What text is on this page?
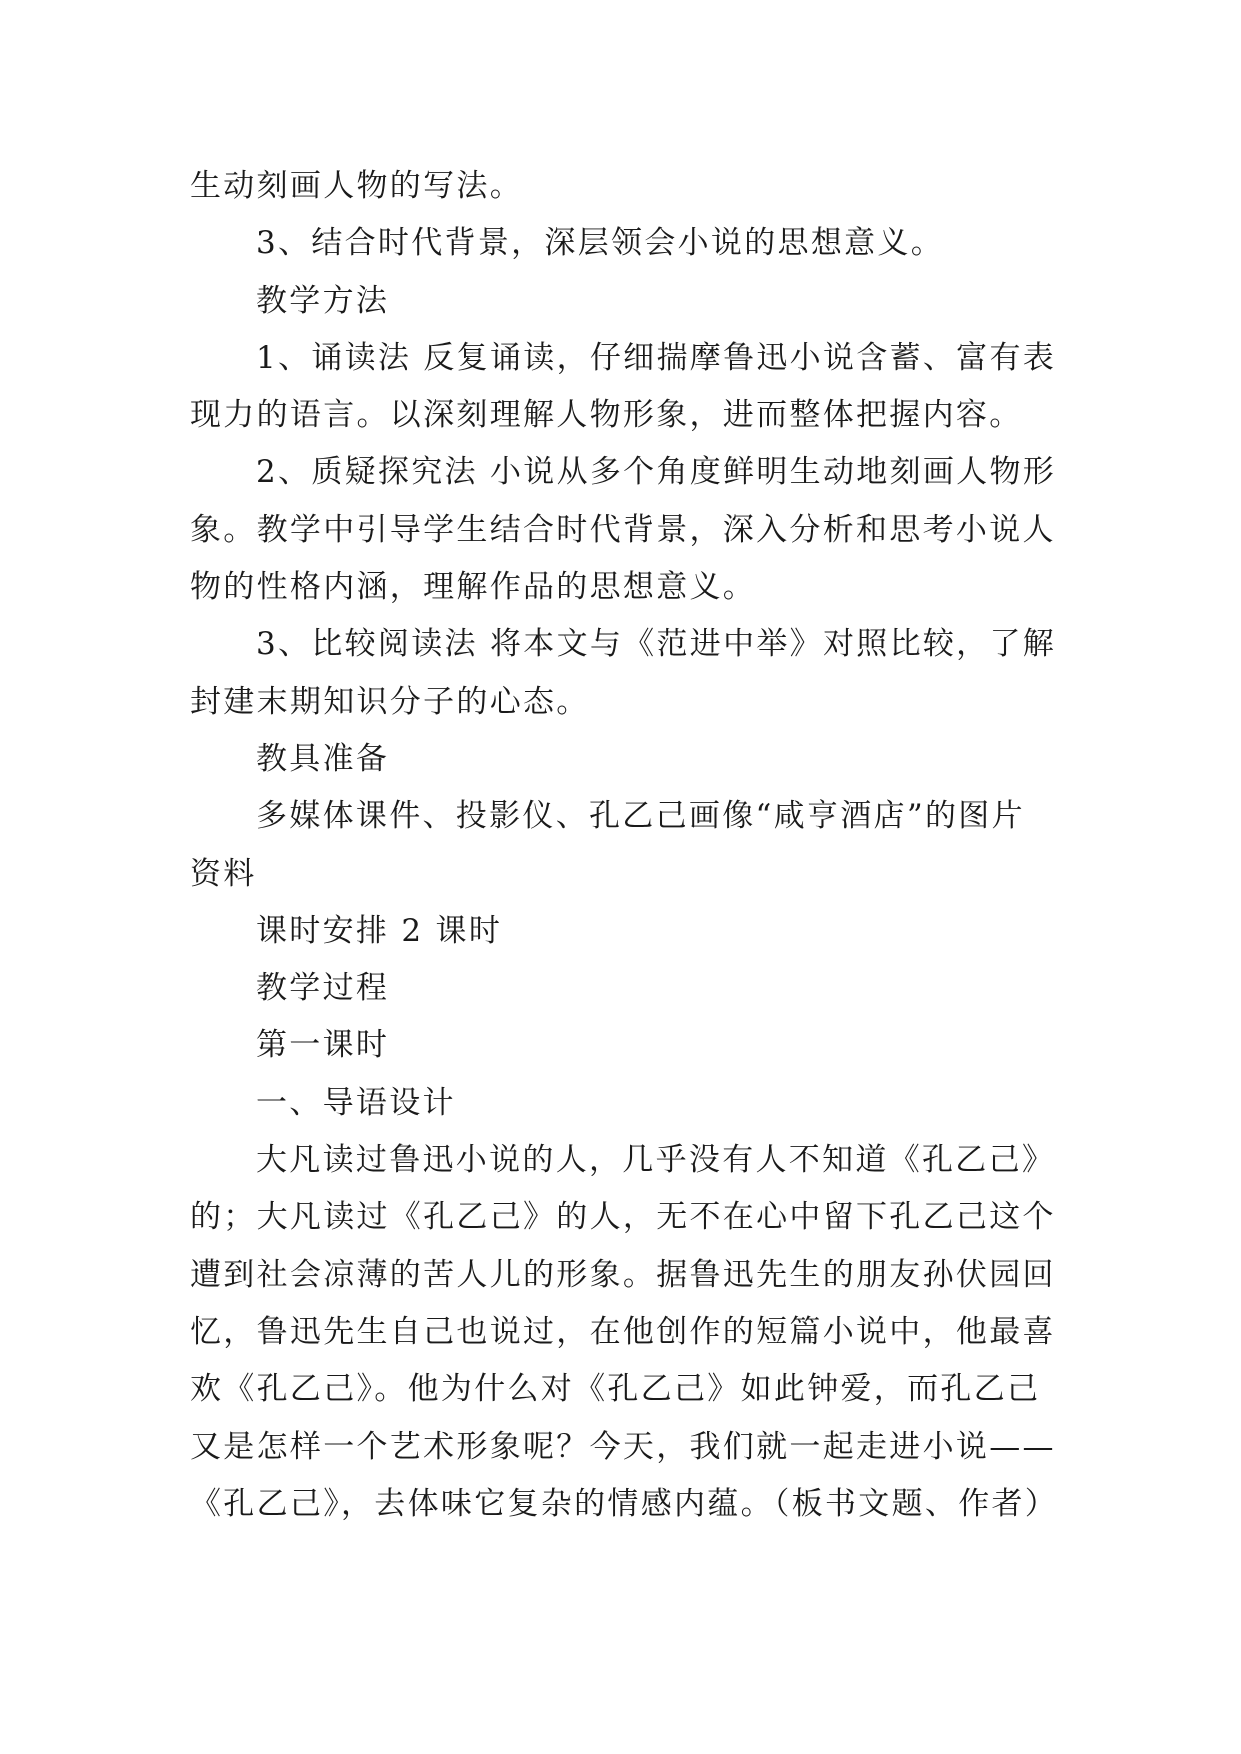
生动刻画人物的写法。
3、结合时代背景，深层领会小说的思想意义。
教学方法
1、诵读法 反复诵读，仔细揣摩鲁迅小说含蓄、富有表
现力的语言。以深刻理解人物形象，进而整体把握内容。
2、质疑探究法 小说从多个角度鲜明生动地刻画人物形
象。教学中引导学生结合时代背景，深入分析和思考小说人
物的性格内涵，理解作品的思想意义。
3、比较阅读法 将本文与《范进中举》对照比较，了解
封建末期知识分子的心态。
教具准备
多媒体课件、投影仪、孔乙己画像“咸亨酒店”的图片
资料
课时安排 2 课时
教学过程
第一课时
一、导语设计
大凡读过鲁迅小说的人，几乎没有人不知道《孔乙己》
的；大凡读过《孔乙己》的人，无不在心中留下孔乙己这个
遭到社会凉薄的苦人儿的形象。据鲁迅先生的朋友孙伏园回
忆，鲁迅先生自己也说过，在他创作的短篇小说中，他最喜
欢《孔乙己》。他为什么对《孔乙己》如此钟爱，而孔乙己
又是怎样一个艺术形象呢？今天，我们就一起走进小说——
《孔乙己》，去体味它复杂的情感内蕴。（板书文题、作者）
